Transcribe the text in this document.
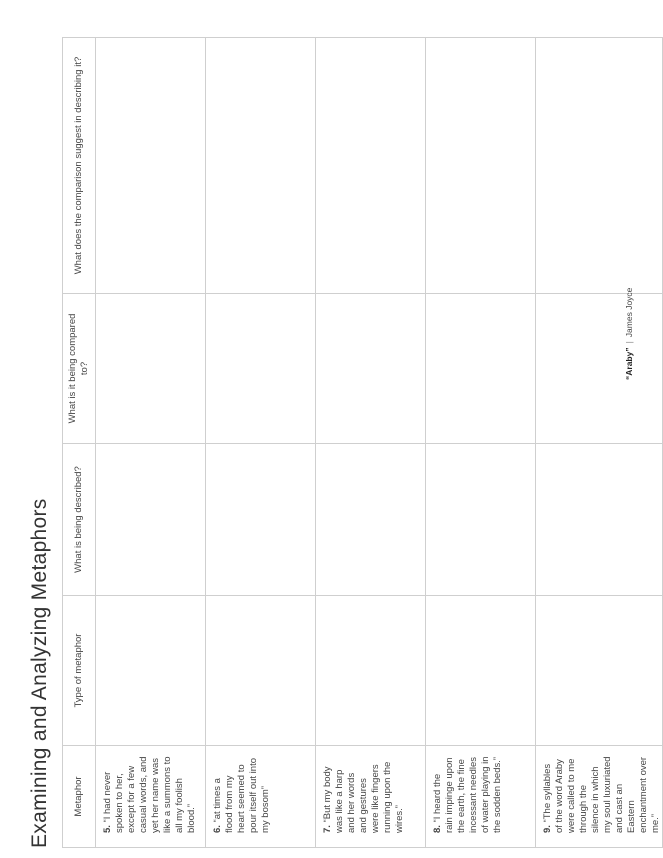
Examining and Analyzing Metaphors Metaphor	Type of metaphor	What is being described?	What is it being compared to?	What does the comparison suggest in describing it?

5. “I had never spoken to her, except for a few casual words, and yet her name was like a summons to all my foolish blood.”				
6. “at times a flood from my heart seemed to pour itself out into my bosom”				
7. “But my body was like a harp and her words and gestures were like fingers running upon the wires.”				
8. “I heard the rain impinge upon the earth, the fine incessant needles of water playing in the sodden beds.”				
9. “The syllables of the word Araby were called to me through the silence in which my soul luxuriated and cast an Eastern enchantment over me.”				
“Araby”|James Joyce
